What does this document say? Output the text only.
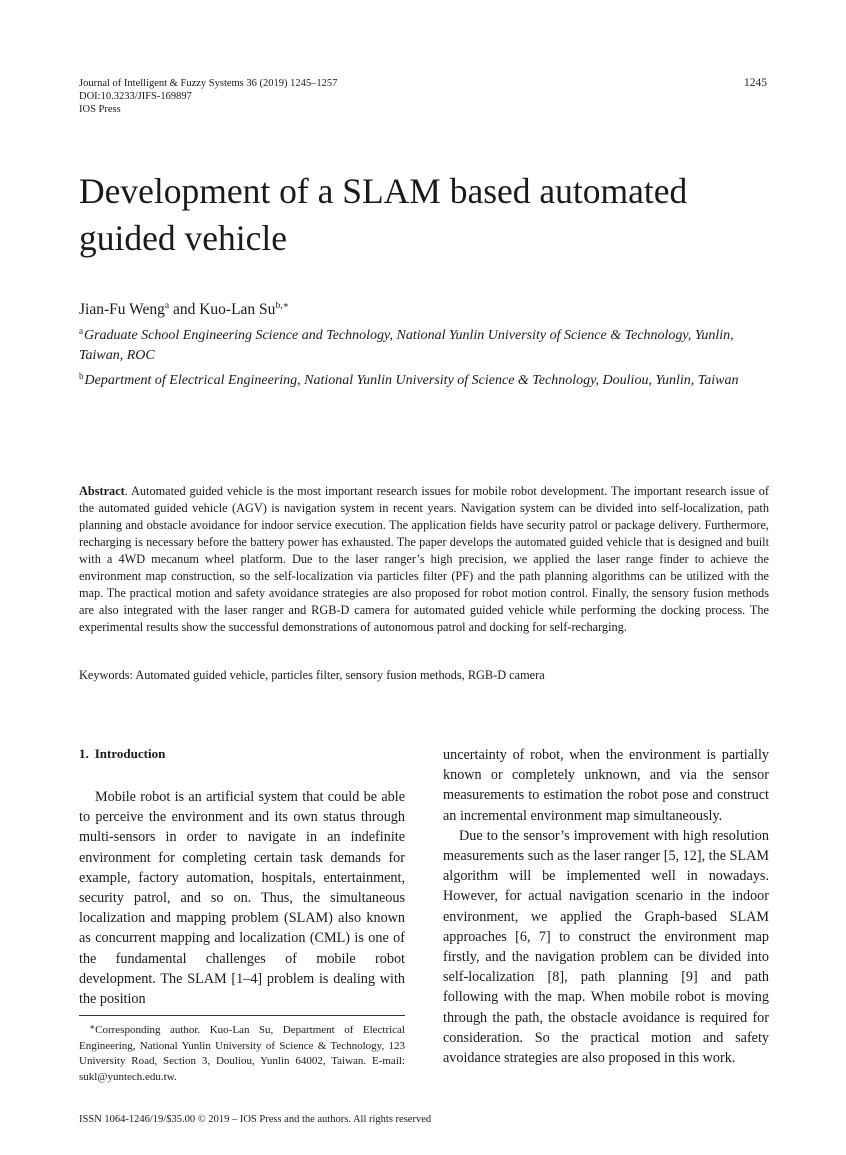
Journal of Intelligent & Fuzzy Systems 36 (2019) 1245–1257
DOI:10.3233/JIFS-169897
IOS Press
1245
Development of a SLAM based automated guided vehicle
Jian-Fu Weng$^a$ and Kuo-Lan $Su^{b,∗}$
$^a$Graduate School Engineering Science and Technology, National Yunlin University of Science & Technology, Yunlin, Taiwan, ROC
$^b$Department of Electrical Engineering, National Yunlin University of Science & Technology, Douliou, Yunlin, Taiwan

Abstract. Automated guided vehicle is the most important research issues for mobile robot development. The important research issue of the automated guided vehicle (AGV) is navigation system in recent years. Navigation system can be divided into self-localization, path planning and obstacle avoidance for indoor service execution. The application fields have security patrol or package delivery. Furthermore, recharging is necessary before the battery power has exhausted. The paper develops the automated guided vehicle that is designed and built with a 4WD mecanum wheel platform. Due to the laser ranger’s high precision, we applied the laser range finder to achieve the environment map construction, so the self-localization via particles filter (PF) and the path planning algorithms can be utilized with the map. The practical motion and safety avoidance strategies are also proposed for robot motion control. Finally, the sensory fusion methods are also integrated with the laser ranger and RGB-D camera for automated guided vehicle while performing the docking process. The experimental results show the successful demonstrations of autonomous patrol and docking for self-recharging.

Keywords: Automated guided vehicle, particles filter, sensory fusion methods, RGB-D camera

1. Introduction

Mobile robot is an artificial system that could be able to perceive the environment and its own status through multi-sensors in order to navigate in an indefinite environment for completing certain task demands for example, factory automation, hospitals, entertainment, security patrol, and so on. Thus, the simultaneous localization and mapping problem (SLAM) also known as concurrent mapping and localization (CML) is one of the fundamental challenges of mobile robot development. The SLAM [1–4] problem is dealing with the position

uncertainty of robot, when the environment is partially known or completely unknown, and via the sensor measurements to estimation the robot pose and construct an incremental environment map simultaneously.

Due to the sensor’s improvement with high resolution measurements such as the laser ranger [5, 12], the SLAM algorithm will be implemented well in nowadays. However, for actual navigation scenario in the indoor environment, we applied the Graph-based SLAM approaches [6, 7] to construct the environment map firstly, and the navigation problem can be divided into self-localization [8], path planning [9] and path following with the map. When mobile robot is moving through the path, the obstacle avoidance is required for consideration. So the practical motion and safety avoidance strategies are also proposed in this work.

∗Corresponding author. Kuo-Lan Su, Department of Electrical Engineering, National Yunlin University of Science & Technology, 123 University Road, Section 3, Douliou, Yunlin 64002, Taiwan. E-mail: sukl@yuntech.edu.tw.

ISSN 1064-1246/19/$35.00 © 2019 – IOS Press and the authors. All rights reserved
